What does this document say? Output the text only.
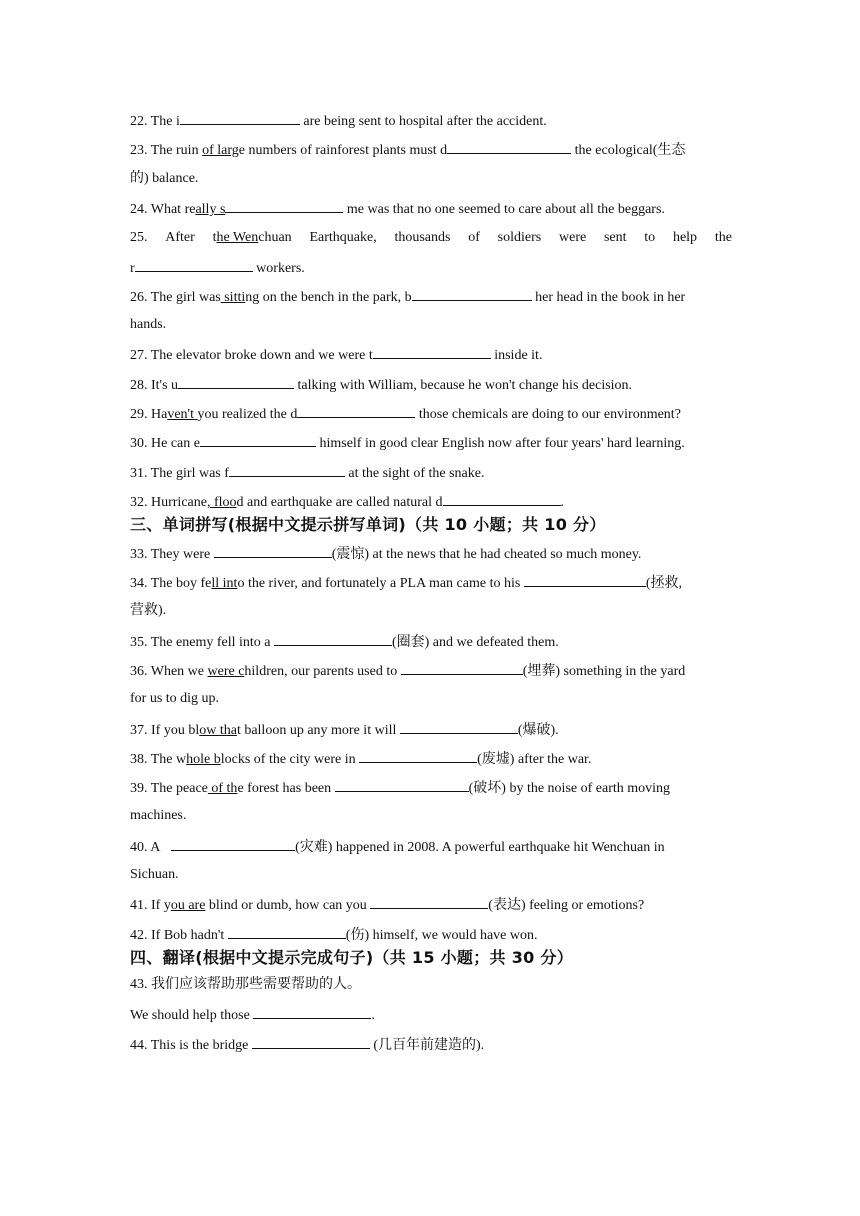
22. The i	are being sent to hospital after the accident.
23. The ruin of large numbers of rainforest plants must d	the ecological(生态
的) balance.
24. What really s	me was that no one seemed to care about all the beggars.
25. After the Wenchuan Earthquake, thousands of soldiers were sent to help the
r	workers.
26. The girl was sitting on the bench in the park, b	her head in the book in her
hands.
27. The elevator broke down and we were t	inside it.
28. It's u	talking with William, because he won't change his decision.
29. Haven't you realized the d	those chemicals are doing to our environment?
30. He can e	himself in good clear English now after four years' hard learning.
31. The girl was f	at the sight of the snake.
32. Hurricane, flood and earthquake are called natural d	.
三、单词拼写(根据中文提示拼写单词)（共 10 小题；共 10 分）
33. They were	(震惊) at the news that he had cheated so much money.
34. The boy fell into the river, and fortunately a PLA man came to his	(拯救,
营救).
35. The enemy fell into a	(圈套) and we defeated them.
36. When we were children, our parents used to	(埋葬) something in the yard
for us to dig up.
37. If you blow that balloon up any more it will	(爆破).
38. The whole blocks of the city were in	(废墟) after the war.
39. The peace of the forest has been	(破坏) by the noise of earth moving
machines.
40. A	(灾难) happened in 2008. A powerful earthquake hit Wenchuan in
Sichuan.
41. If you are blind or dumb, how can you	(表达) feeling or emotions?
42. If Bob hadn't	(伤) himself, we would have won.
四、翻译(根据中文提示完成句子)（共 15 小题；共 30 分）
43. 我们应该帮助那些需要帮助的人。
We should help those	.
44. This is the bridge	(几百年前建造的).
